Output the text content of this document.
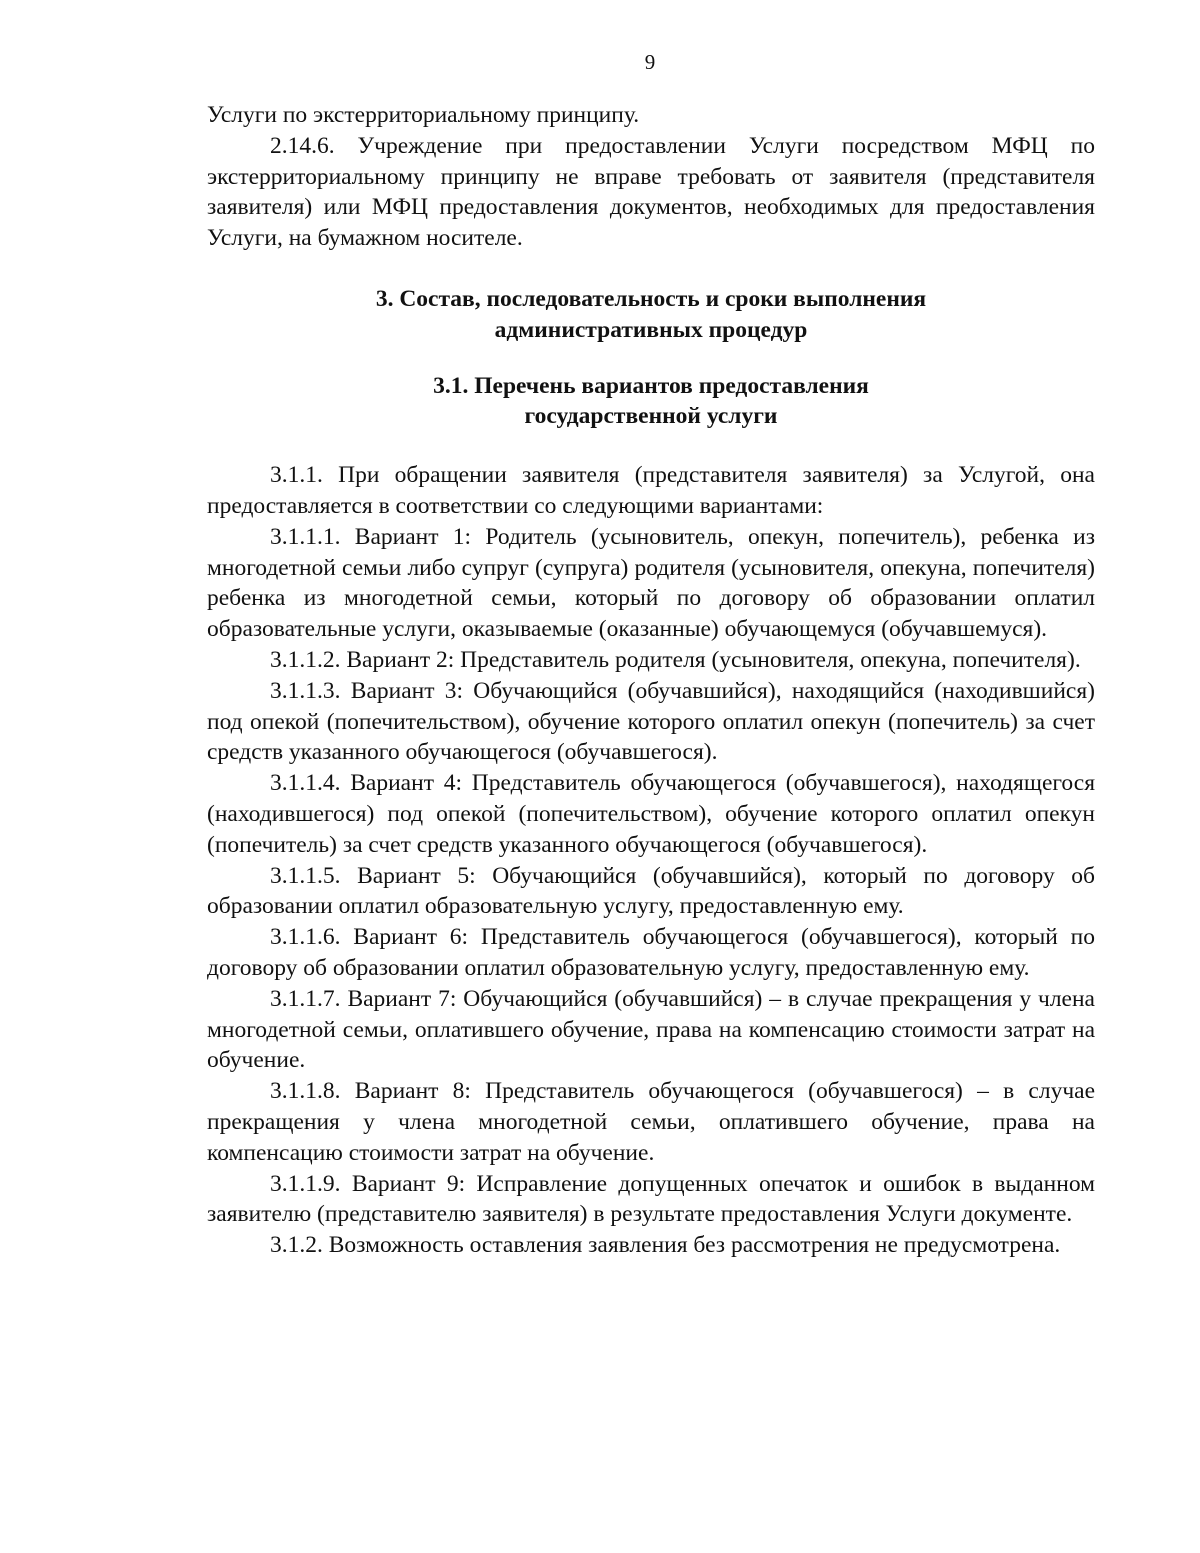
9

Услуги по экстерриториальному принципу.

2.14.6. Учреждение при предоставлении Услуги посредством МФЦ по экстерриториальному принципу не вправе требовать от заявителя (представителя заявителя) или МФЦ предоставления документов, необходимых для предоставления Услуги, на бумажном носителе.

3. Состав, последовательность и сроки выполнения
административных процедур

3.1. Перечень вариантов предоставления
государственной услуги

3.1.1. При обращении заявителя (представителя заявителя) за Услугой, она предоставляется в соответствии со следующими вариантами:

3.1.1.1. Вариант 1: Родитель (усыновитель, опекун, попечитель), ребенка из многодетной семьи либо супруг (супруга) родителя (усыновителя, опекуна, попечителя) ребенка из многодетной семьи, который по договору об образовании оплатил образовательные услуги, оказываемые (оказанные) обучающемуся (обучавшемуся).

3.1.1.2. Вариант 2: Представитель родителя (усыновителя, опекуна, попечителя).

3.1.1.3. Вариант 3: Обучающийся (обучавшийся), находящийся (находившийся) под опекой (попечительством), обучение которого оплатил опекун (попечитель) за счет средств указанного обучающегося (обучавшегося).

3.1.1.4. Вариант 4: Представитель обучающегося (обучавшегося), находящегося (находившегося) под опекой (попечительством), обучение которого оплатил опекун (попечитель) за счет средств указанного обучающегося (обучавшегося).

3.1.1.5. Вариант 5: Обучающийся (обучавшийся), который по договору об образовании оплатил образовательную услугу, предоставленную ему.

3.1.1.6. Вариант 6: Представитель обучающегося (обучавшегося), который по договору об образовании оплатил образовательную услугу, предоставленную ему.

3.1.1.7. Вариант 7: Обучающийся (обучавшийся) – в случае прекращения у члена многодетной семьи, оплатившего обучение, права на компенсацию стоимости затрат на обучение.

3.1.1.8. Вариант 8: Представитель обучающегося (обучавшегося) – в случае прекращения у члена многодетной семьи, оплатившего обучение, права на компенсацию стоимости затрат на обучение.

3.1.1.9. Вариант 9: Исправление допущенных опечаток и ошибок в выданном заявителю (представителю заявителя) в результате предоставления Услуги документе.

3.1.2. Возможность оставления заявления без рассмотрения не предусмотрена.
